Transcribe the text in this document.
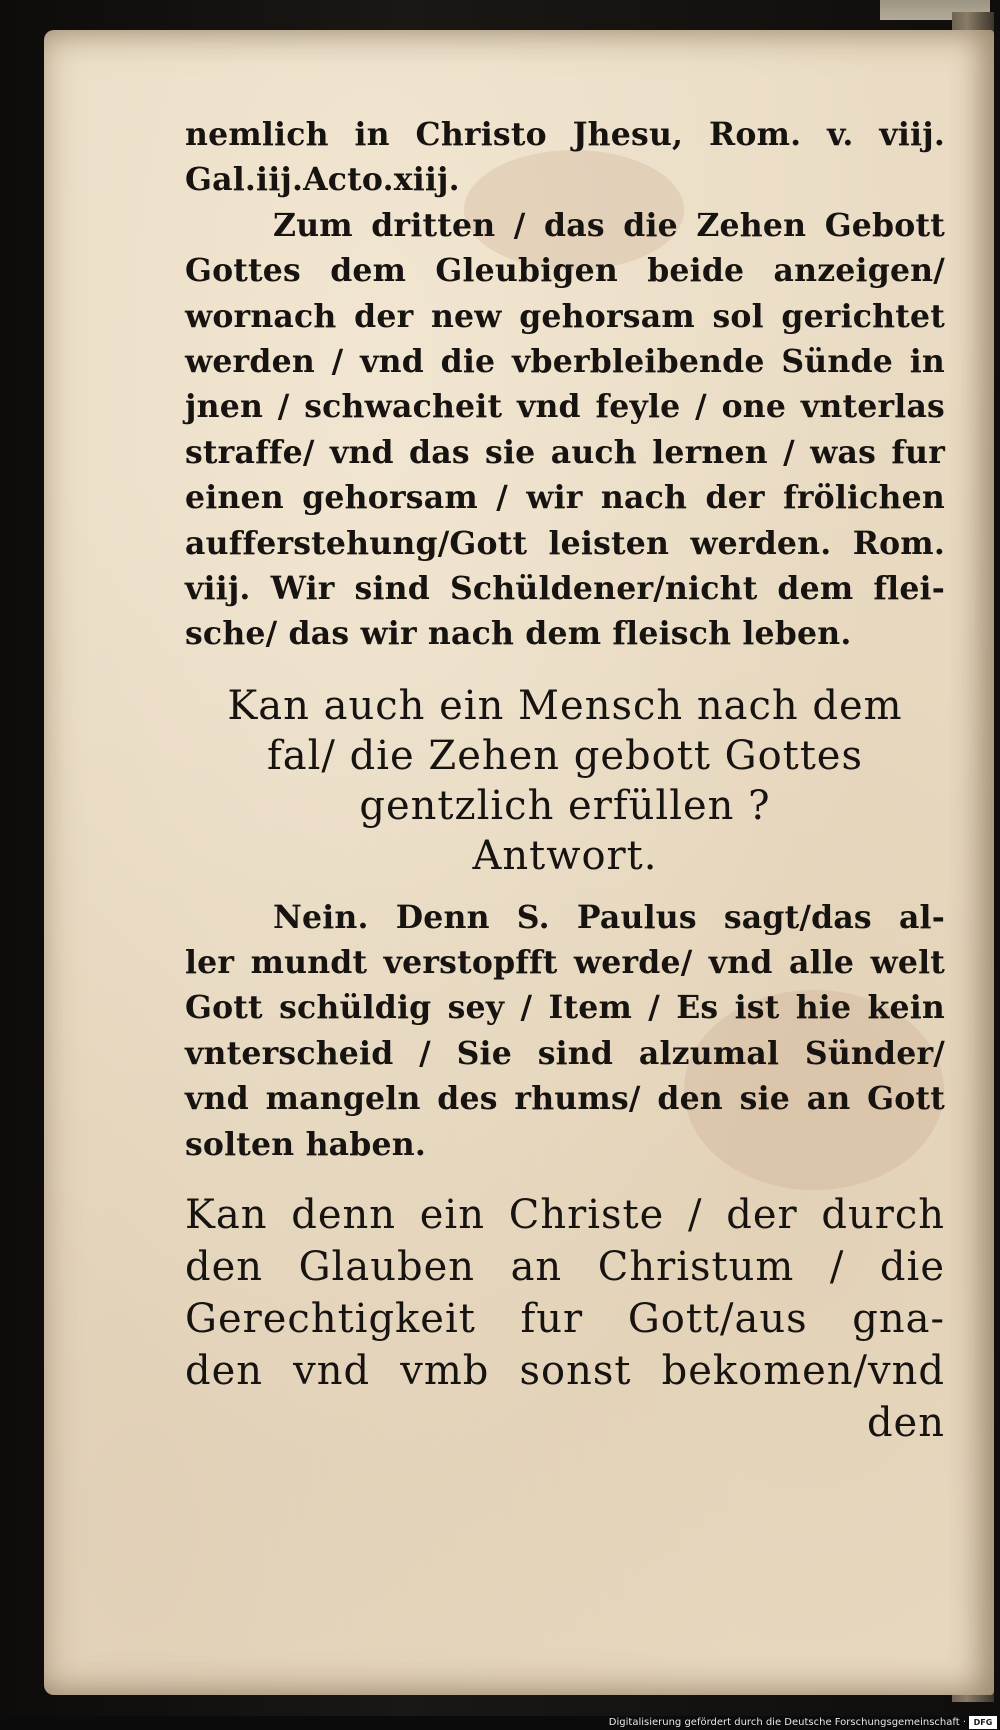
nemlich in Christo Jhesu, Rom. v. viij.
Gal.iij.Acto.xiij.
Zum dritten / das die Zehen Gebott
Gottes dem Gleubigen beide anzeigen/
wornach der new gehorsam sol gerichtet
werden / vnd die vberbleibende Sünde in
jnen / schwacheit vnd feyle / one vnterlas
straffe/ vnd das sie auch lernen / was fur
einen gehorsam / wir nach der frölichen
aufferstehung/Gott leisten werden. Rom.
viij. Wir sind Schüldener/nicht dem flei-
sche/ das wir nach dem fleisch leben.
Kan auch ein Mensch nach dem
fal/ die Zehen gebott Gottes
gentzlich erfüllen ?
Antwort.
Nein. Denn S. Paulus sagt/das al-
ler mundt verstopfft werde/ vnd alle welt
Gott schüldig sey / Item / Es ist hie kein
vnterscheid / Sie sind alzumal Sünder/
vnd mangeln des rhums/ den sie an Gott
solten haben.
Kan denn ein Christe / der durch
den Glauben an Christum / die
Gerechtigkeit fur Gott/aus gna-
den vnd vmb sonst bekomen/vnd
den
Digitalisierung gefördert durch die Deutsche Forschungsgemeinschaft · DFG
